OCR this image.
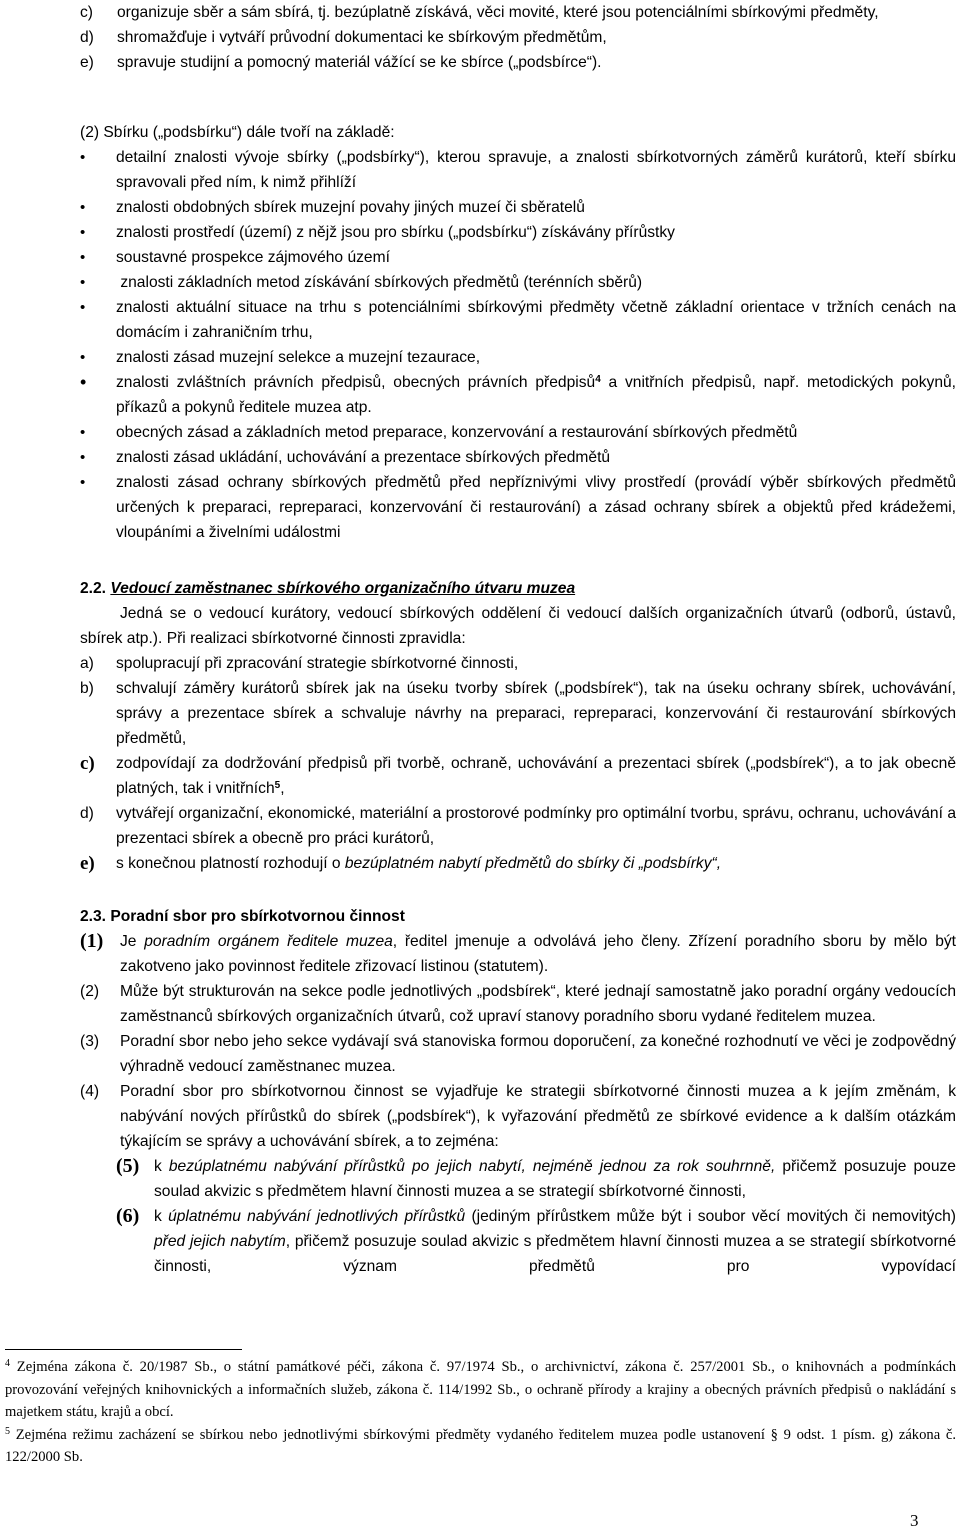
c)	organizuje sběr a sám sbírá, tj. bezúplatně získává, věci movité, které jsou potenciálními sbírkovými předměty,
d)	shromažďuje i vytváří průvodní dokumentaci ke sbírkovým předmětům,
e)	spravuje studijní a pomocný materiál vážící se ke sbírce („podsbírce“).
(2) Sbírku („podsbírku“) dále tvoří na základě:
•	detailní znalosti vývoje sbírky („podsbírky“), kterou spravuje, a znalosti sbírkotvorných záměrů kurátorů, kteří sbírku spravovali před ním, k nimž přihlíží
•	znalosti obdobných sbírek muzejní povahy jiných muzeí či sběratelů
•	znalosti prostředí (území) z nějž jsou pro sbírku („podsbírku“) získávány přírůstky
•	soustavné prospekce zájmového území
•	znalosti základních metod získávání sbírkových předmětů (terénních sběrů)
•	znalosti aktuální situace na trhu s potenciálními sbírkovými předměty včetně základní orientace v tržních cenách na domácím i zahraničním trhu,
•	znalosti zásad muzejní selekce a muzejní tezaurace,
•	znalosti zvláštních právních předpisů, obecných právních předpisů$^4$ a vnitřních předpisů, např. metodických pokynů, příkazů a pokynů ředitele muzea atp.
•	obecných zásad a základních metod preparace, konzervování a restaurování sbírkových předmětů
•	znalosti zásad ukládání, uchovávání a prezentace sbírkových předmětů
•	znalosti zásad ochrany sbírkových předmětů před nepříznivými vlivy prostředí (provádí výběr sbírkových předmětů určených k preparaci, repreparaci, konzervování či restaurování) a zásad ochrany sbírek a objektů před krádežemi, vloupáními a živelními událostmi
2.2. Vedoucí zaměstnanec sbírkového organizačního útvaru muzea
Jedná se o vedoucí kurátory, vedoucí sbírkových oddělení či vedoucí dalších organizačních útvarů (odborů, ústavů, sbírek atp.). Při realizaci sbírkotvorné činnosti zpravidla:
a)	spolupracují při zpracování strategie sbírkotvorné činnosti,
b)	schvalují záměry kurátorů sbírek jak na úseku tvorby sbírek („podsbírek“), tak na úseku ochrany sbírek, uchovávání, správy a prezentace sbírek a schvaluje návrhy na preparaci, repreparaci, konzervování či restaurování sbírkových předmětů,
c)	zodpovídají za dodržování předpisů při tvorbě, ochraně, uchovávání a prezentaci sbírek („podsbírek“), a to jak obecně platných, tak i vnitřních$^5$,
d)	vytvářejí organizační, ekonomické, materiální a prostorové podmínky pro optimální tvorbu, správu, ochranu, uchovávání a prezentaci sbírek a obecně pro práci kurátorů,
e)	s konečnou platností rozhodují o bezúplatném nabytí předmětů do sbírky či „podsbírky“,
2.3. Poradní sbor pro sbírkotvornou činnost
(1)	Je poradním orgánem ředitele muzea, ředitel jmenuje a odvolává jeho členy. Zřízení poradního sboru by mělo být zakotveno jako povinnost ředitele zřizovací listinou (statutem).
(2)	Může být strukturován na sekce podle jednotlivých „podsbírek“, které jednají samostatně jako poradní orgány vedoucích zaměstnanců sbírkových organizačních útvarů, což upraví stanovy poradního sboru vydané ředitelem muzea.
(3)	Poradní sbor nebo jeho sekce vydávají svá stanoviska formou doporučení, za konečné rozhodnutí ve věci je zodpovědný výhradně vedoucí zaměstnanec muzea.
(4)	Poradní sbor pro sbírkotvornou činnost se vyjadřuje ke strategii sbírkotvorné činnosti muzea a k jejím změnám, k nabývání nových přírůstků do sbírek („podsbírek“), k vyřazování předmětů ze sbírkové evidence a k dalším otázkám týkajícím se správy a uchovávání sbírek, a to zejména:
(5) k bezúplatnému nabývání přírůstků po jejich nabytí, nejméně jednou za rok souhrnně, přičemž posuzuje pouze soulad akvizic s předmětem hlavní činnosti muzea a se strategií sbírkotvorné činnosti,
(6) k úplatnému nabývání jednotlivých přírůstků (jediným přírůstkem může být i soubor věcí movitých či nemovitých) před jejich nabytím, přičemž posuzuje soulad akvizic s předmětem hlavní činnosti muzea a se strategií sbírkotvorné činnosti, význam předmětů pro vypovídací
$^4$ Zejména zákona č. 20/1987 Sb., o státní památkové péči, zákona č. 97/1974 Sb., o archivnictví, zákona č. 257/2001 Sb., o knihovnách a podmínkách provozování veřejných knihovnických a informačních služeb, zákona č. 114/1992 Sb., o ochraně přírody a krajiny a obecných právních předpisů o nakládání s majetkem státu, krajů a obcí.
$^5$ Zejména režimu zacházení se sbírkou nebo jednotlivými sbírkovými předměty vydaného ředitelem muzea podle ustanovení § 9 odst. 1 písm. g) zákona č. 122/2000 Sb.
3
